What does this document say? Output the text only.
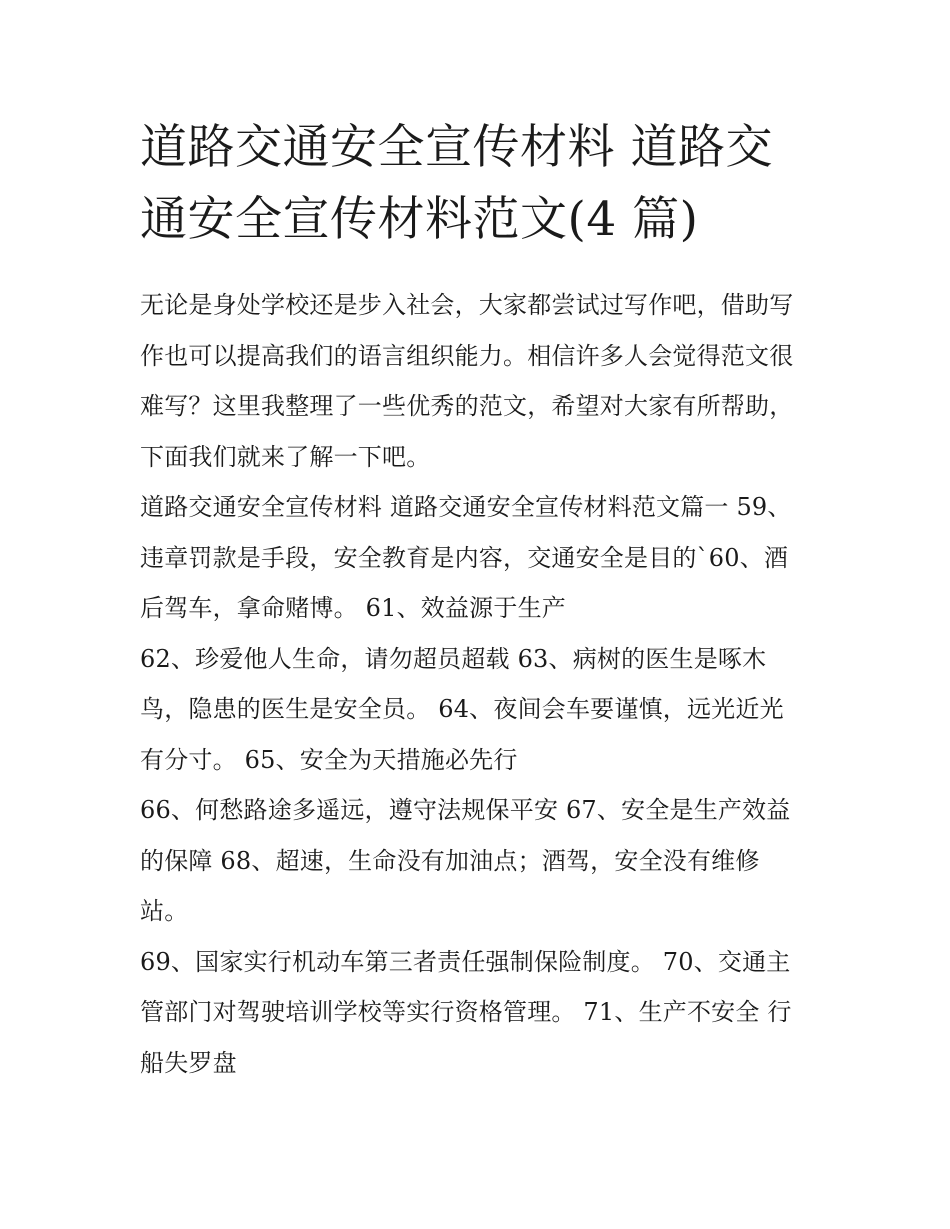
道路交通安全宣传材料 道路交
通安全宣传材料范文(4 篇)

无论是身处学校还是步入社会，大家都尝试过写作吧，借助写
作也可以提高我们的语言组织能力。相信许多人会觉得范文很
难写？这里我整理了一些优秀的范文，希望对大家有所帮助，
下面我们就来了解一下吧。

道路交通安全宣传材料 道路交通安全宣传材料范文篇一 59、
违章罚款是手段，安全教育是内容，交通安全是目的`60、酒
后驾车，拿命赌博。 61、效益源于生产

62、珍爱他人生命，请勿超员超载 63、病树的医生是啄木
鸟，隐患的医生是安全员。 64、夜间会车要谨慎，远光近光
有分寸。 65、安全为天措施必先行

66、何愁路途多遥远，遵守法规保平安 67、安全是生产效益
的保障 68、超速，生命没有加油点；酒驾，安全没有维修
站。

69、国家实行机动车第三者责任强制保险制度。 70、交通主
管部门对驾驶培训学校等实行资格管理。 71、生产不安全 行
船失罗盘
